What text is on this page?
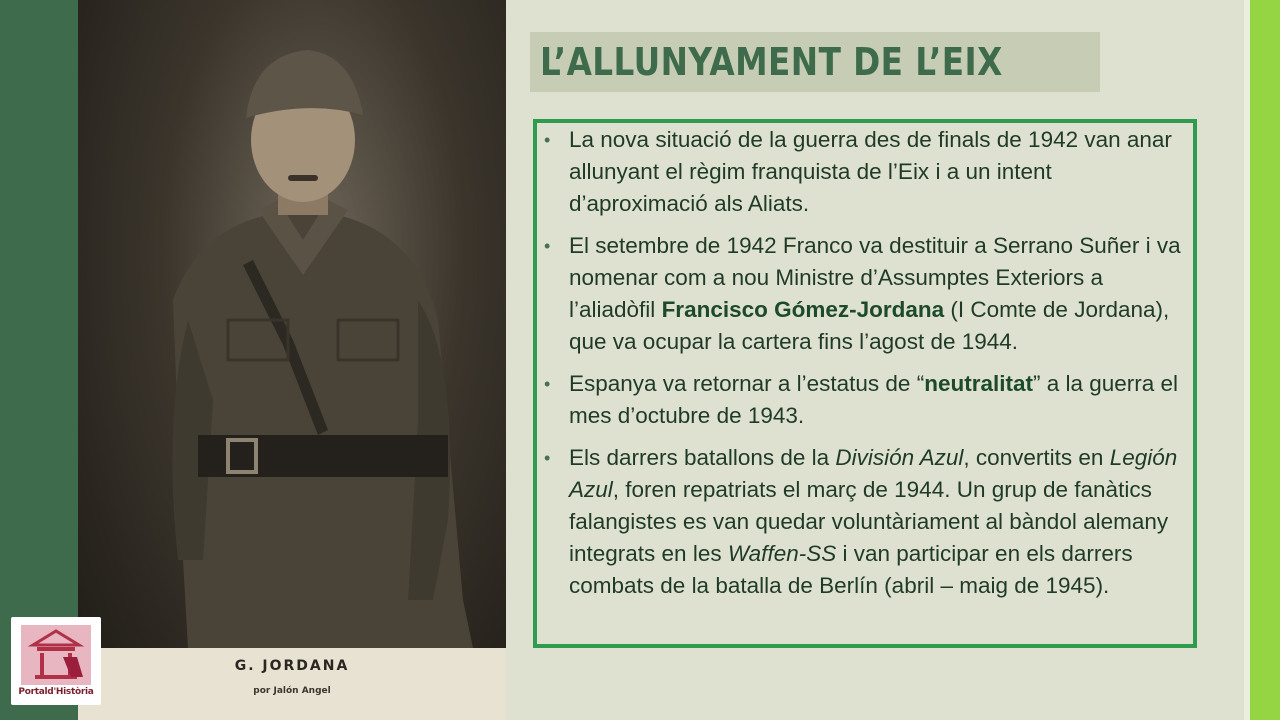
G. JORDANA
por Jalón Angel
Portald'Història
L’ALLUNYAMENT DE L’EIX
• La nova situació de la guerra des de finals de 1942 van anar allunyant el règim franquista de l’Eix i a un intent d’aproximació als Aliats.
• El setembre de 1942 Franco va destituir a Serrano Suñer i va nomenar com a nou Ministre d’Assumptes Exteriors a l’aliadòfil Francisco Gómez-Jordana (I Comte de Jordana), que va ocupar la cartera fins l’agost de 1944.
• Espanya va retornar a l’estatus de “neutralitat” a la guerra el mes d’octubre de 1943.
• Els darrers batallons de la División Azul, convertits en Legión Azul, foren repatriats el març de 1944. Un grup de fanàtics falangistes es van quedar voluntàriament al bàndol alemany integrats en les Waffen-SS i van participar en els darrers combats de la batalla de Berlín (abril – maig de 1945).
